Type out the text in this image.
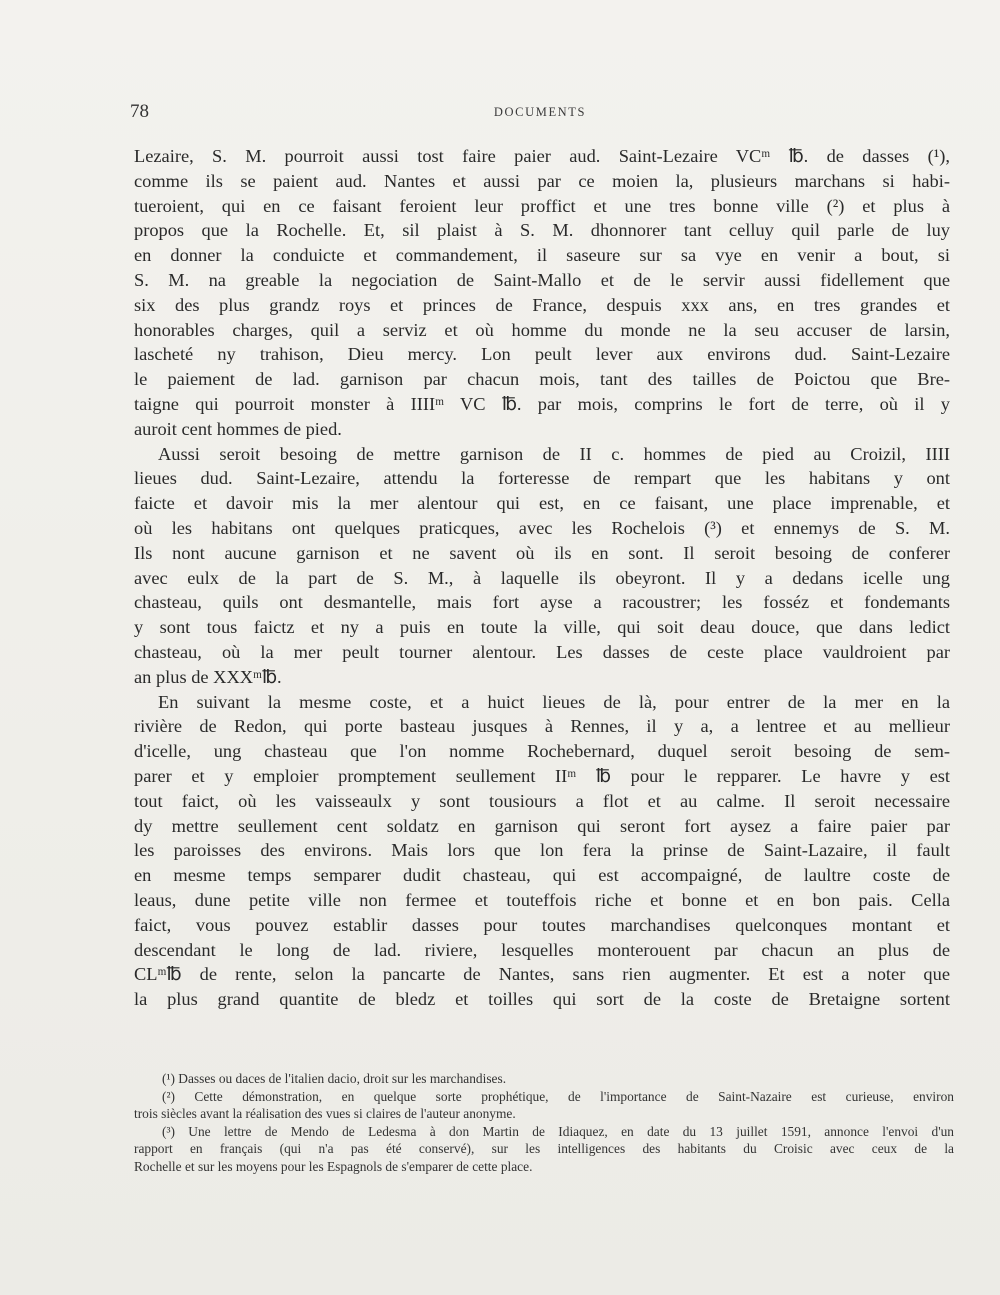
78	DOCUMENTS
Lezaire, S. M. pourroit aussi tost faire paier aud. Saint-Lezaire VCᵐ ℔. de dasses (¹),
comme ils se paient aud. Nantes et aussi par ce moien la, plusieurs marchans si habi-
tueroient, qui en ce faisant feroient leur proffict et une tres bonne ville (²) et plus à
propos que la Rochelle. Et, sil plaist à S. M. dhonnorer tant celluy quil parle de luy
en donner la conduicte et commandement, il saseure sur sa vye en venir a bout, si
S. M. na greable la negociation de Saint-Mallo et de le servir aussi fidellement que
six des plus grandz roys et princes de France, despuis xxx ans, en tres grandes et
honorables charges, quil a serviz et où homme du monde ne la seu accuser de larsin,
lascheté ny trahison, Dieu mercy. Lon peult lever aux environs dud. Saint-Lezaire
le paiement de lad. garnison par chacun mois, tant des tailles de Poictou que Bre-
taigne qui pourroit monster à IIIIᵐ VC ℔. par mois, comprins le fort de terre, où il y
auroit cent hommes de pied.
Aussi seroit besoing de mettre garnison de II c. hommes de pied au Croizil, IIII
lieues dud. Saint-Lezaire, attendu la forteresse de rempart que les habitans y ont
faicte et davoir mis la mer alentour qui est, en ce faisant, une place imprenable, et
où les habitans ont quelques praticques, avec les Rochelois (³) et ennemys de S. M.
Ils nont aucune garnison et ne savent où ils en sont. Il seroit besoing de conferer
avec eulx de la part de S. M., à laquelle ils obeyront. Il y a dedans icelle ung
chasteau, quils ont desmantelle, mais fort ayse a racoustrer; les fosséz et fondemants
y sont tous faictz et ny a puis en toute la ville, qui soit deau douce, que dans ledict
chasteau, où la mer peult tourner alentour. Les dasses de ceste place vauldroient par
an plus de XXXᵐ℔.
En suivant la mesme coste, et a huict lieues de là, pour entrer de la mer en la
rivière de Redon, qui porte basteau jusques à Rennes, il y a, a lentree et au mellieur
d'icelle, ung chasteau que l'on nomme Rochebernard, duquel seroit besoing de sem-
parer et y emploier promptement seullement IIᵐ ℔ pour le repparer. Le havre y est
tout faict, où les vaisseaulx y sont tousiours a flot et au calme. Il seroit necessaire
dy mettre seullement cent soldatz en garnison qui seront fort aysez a faire paier par
les paroisses des environs. Mais lors que lon fera la prinse de Saint-Lazaire, il fault
en mesme temps semparer dudit chasteau, qui est accompaigné, de laultre coste de
leaus, dune petite ville non fermee et touteffois riche et bonne et en bon pais. Cella
faict, vous pouvez establir dasses pour toutes marchandises quelconques montant et
descendant le long de lad. riviere, lesquelles monterouent par chacun an plus de
CLᵐ℔ de rente, selon la pancarte de Nantes, sans rien augmenter. Et est a noter que
la plus grand quantite de bledz et toilles qui sort de la coste de Bretaigne sortent
(¹) Dasses ou daces de l'italien dacio, droit sur les marchandises.
(²) Cette démonstration, en quelque sorte prophétique, de l'importance de Saint-Nazaire est curieuse, environ
trois siècles avant la réalisation des vues si claires de l'auteur anonyme.
(³) Une lettre de Mendo de Ledesma à don Martin de Idiaquez, en date du 13 juillet 1591, annonce l'envoi d'un
rapport en français (qui n'a pas été conservé), sur les intelligences des habitants du Croisic avec ceux de la
Rochelle et sur les moyens pour les Espagnols de s'emparer de cette place.
